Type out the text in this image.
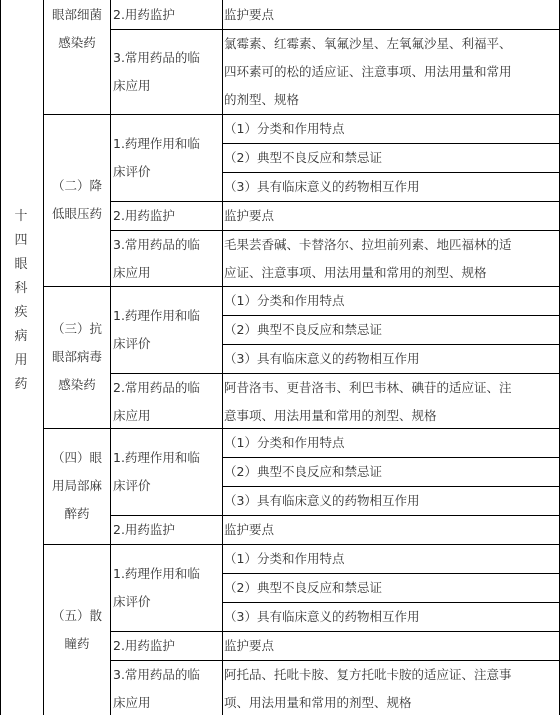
十
四
眼
科
疾
病
用
药
监护要点
2.用药监护
氯霉素、红霉素、氧氟沙星、左氧氟沙星、利福平、
四环素可的松的适应证、注意事项、用法用量和常用
的剂型、规格
3.常用药品的临
床应用
眼部细菌
感染药
（1）分类和作用特点
（2）典型不良反应和禁忌证
（3）具有临床意义的药物相互作用
1.药理作用和临
床评价
监护要点
2.用药监护
毛果芸香碱、卡替洛尔、拉坦前列素、地匹福林的适
应证、注意事项、用法用量和常用的剂型、规格
3.常用药品的临
床应用
（二）降
低眼压药
（1）分类和作用特点
（2）典型不良反应和禁忌证
（3）具有临床意义的药物相互作用
1.药理作用和临
床评价
阿昔洛韦、更昔洛韦、利巴韦林、碘苷的适应证、注
意事项、用法用量和常用的剂型、规格
2.常用药品的临
床应用
（三）抗
眼部病毒
感染药
（1）分类和作用特点
（2）典型不良反应和禁忌证
（3）具有临床意义的药物相互作用
1.药理作用和临
床评价
监护要点
2.用药监护
（四）眼
用局部麻
醉药
（1）分类和作用特点
（2）典型不良反应和禁忌证
（3）具有临床意义的药物相互作用
1.药理作用和临
床评价
监护要点
2.用药监护
阿托品、托吡卡胺、复方托吡卡胺的适应证、注意事
项、用法用量和常用的剂型、规格
3.常用药品的临
床应用
（五）散
瞳药
